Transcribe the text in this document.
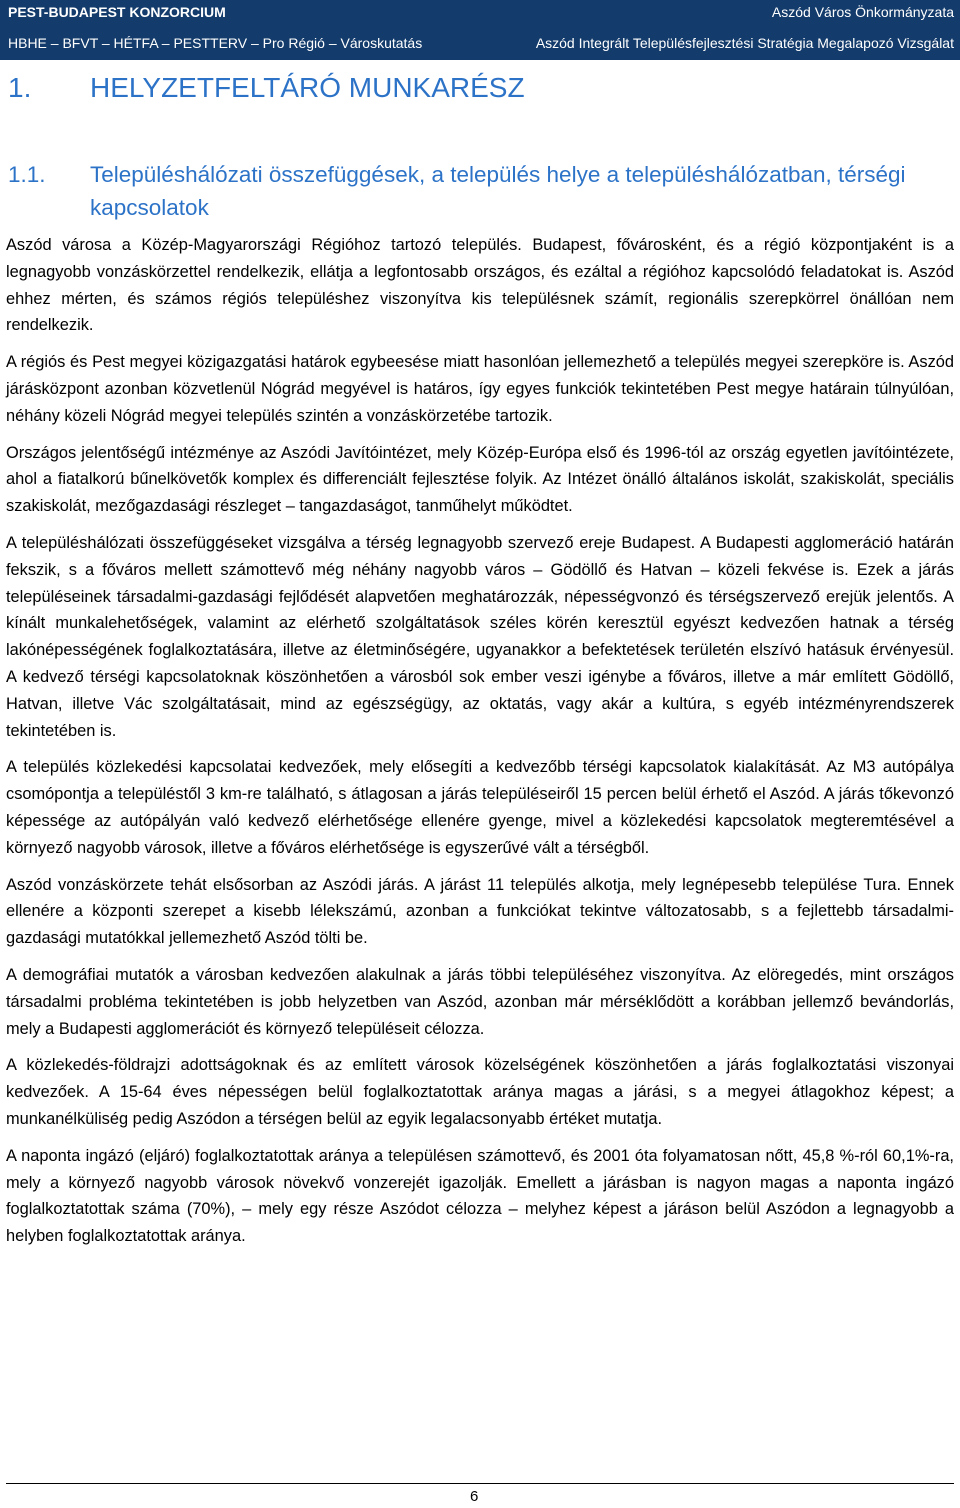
PEST-BUDAPEST KONZORCIUM	Aszód Város Önkormányzata
HBHE – BFVT – HÉTFA – PESTTERV – Pro Régió – Városkutatás	Aszód Integrált Településfejlesztési Stratégia Megalapozó Vizsgálat
1. HELYZETFELTÁRÓ MUNKARÉSZ
1.1. Településhálózati összefüggések, a település helye a településhálózatban, térségi kapcsolatok

Aszód városa a Közép-Magyarországi Régióhoz tartozó település. Budapest, fővárosként, és a régió központjaként is a legnagyobb vonzáskörzettel rendelkezik, ellátja a legfontosabb országos, és ezáltal a régióhoz kapcsolódó feladatokat is. Aszód ehhez mérten, és számos régiós településhez viszonyítva kis településnek számít, regionális szerepkörrel önállóan nem rendelkezik.

A régiós és Pest megyei közigazgatási határok egybeesése miatt hasonlóan jellemezhető a település megyei szerepköre is. Aszód járásközpont azonban közvetlenül Nógrád megyével is határos, így egyes funkciók tekintetében Pest megye határain túlnyúlóan, néhány közeli Nógrád megyei település szintén a vonzáskörzetébe tartozik.

Országos jelentőségű intézménye az Aszódi Javítóintézet, mely Közép-Európa első és 1996-tól az ország egyetlen javítóintézete, ahol a fiatalkorú bűnelkövetők komplex és differenciált fejlesztése folyik. Az Intézet önálló általános iskolát, szakiskolát, speciális szakiskolát, mezőgazdasági részleget – tangazdaságot, tanműhelyt működtet.

A településhálózati összefüggéseket vizsgálva a térség legnagyobb szervező ereje Budapest. A Budapesti agglomeráció határán fekszik, s a főváros mellett számottevő még néhány nagyobb város – Gödöllő és Hatvan – közeli fekvése is. Ezek a járás településeinek társadalmi-gazdasági fejlődését alapvetően meghatározzák, népességvonzó és térségszervező erejük jelentős. A kínált munkalehetőségek, valamint az elérhető szolgáltatások széles körén keresztül egyészt kedvezően hatnak a térség lakónépességének foglalkoztatására, illetve az életminőségére, ugyanakkor a befektetések területén elszívó hatásuk érvényesül. A kedvező térségi kapcsolatoknak köszönhetően a városból sok ember veszi igénybe a főváros, illetve a már említett Gödöllő, Hatvan, illetve Vác szolgáltatásait, mind az egészségügy, az oktatás, vagy akár a kultúra, s egyéb intézményrendszerek tekintetében is.

A település közlekedési kapcsolatai kedvezőek, mely elősegíti a kedvezőbb térségi kapcsolatok kialakítását. Az M3 autópálya csomópontja a településtől 3 km-re található, s átlagosan a járás településeiről 15 percen belül érhető el Aszód. A járás tőkevonzó képessége az autópályán való kedvező elérhetősége ellenére gyenge, mivel a közlekedési kapcsolatok megteremtésével a környező nagyobb városok, illetve a főváros elérhetősége is egyszerűvé vált a térségből.

Aszód vonzáskörzete tehát elsősorban az Aszódi járás. A járást 11 település alkotja, mely legnépesebb települése Tura. Ennek ellenére a központi szerepet a kisebb lélekszámú, azonban a funkciókat tekintve változatosabb, s a fejlettebb társadalmi-gazdasági mutatókkal jellemezhető Aszód tölti be.

A demográfiai mutatók a városban kedvezően alakulnak a járás többi településéhez viszonyítva. Az elöregedés, mint országos társadalmi probléma tekintetében is jobb helyzetben van Aszód, azonban már mérséklődött a korábban jellemző bevándorlás, mely a Budapesti agglomerációt és környező településeit célozza.

A közlekedés-földrajzi adottságoknak és az említett városok közelségének köszönhetően a járás foglalkoztatási viszonyai kedvezőek. A 15-64 éves népességen belül foglalkoztatottak aránya magas a járási, s a megyei átlagokhoz képest; a munkanélküliség pedig Aszódon a térségen belül az egyik legalacsonyabb értéket mutatja.

A naponta ingázó (eljáró) foglalkoztatottak aránya a településen számottevő, és 2001 óta folyamatosan nőtt, 45,8 %-ról 60,1%-ra, mely a környező nagyobb városok növekvő vonzerejét igazolják. Emellett a járásban is nagyon magas a naponta ingázó foglalkoztatottak száma (70%), – mely egy része Aszódot célozza – melyhez képest a járáson belül Aszódon a legnagyobb a helyben foglalkoztatottak aránya.

6
